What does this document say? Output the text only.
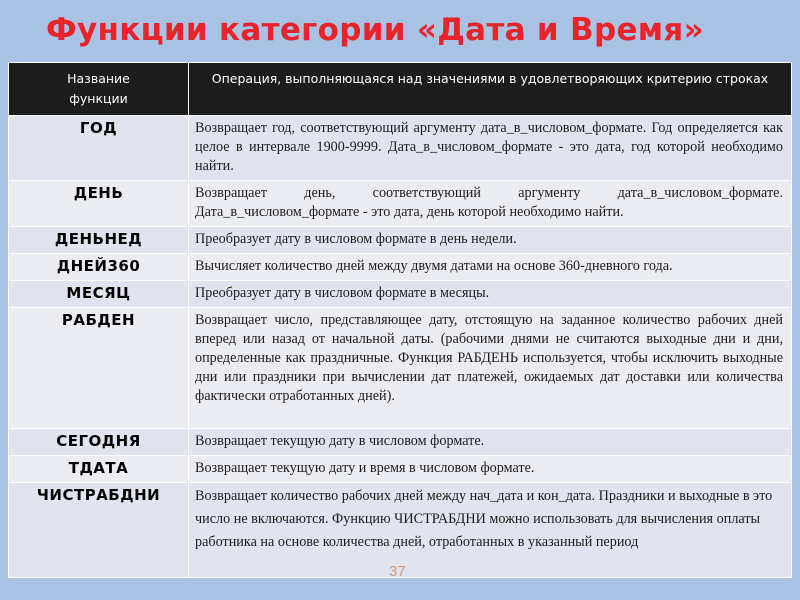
Функции категории «Дата и Время»
Название
функции	Операция, выполняющаяся над значениями в удовлетворяющих критерию строках
ГОД	Возвращает год, соответствующий аргументу дата_в_числовом_формате. Год определяется как целое в интервале 1900-9999. Дата_в_числовом_формате - это дата, год которой необходимо найти.
ДЕНЬ	Возвращает день, соответствующий аргументу дата_в_числовом_формате. Дата_в_числовом_формате - это дата, день которой необходимо найти.
ДЕНЬНЕД	Преобразует дату в числовом формате в день недели.
ДНЕЙ360	Вычисляет количество дней между двумя датами на основе 360-дневного года.
МЕСЯЦ	Преобразует дату в числовом формате в месяцы.
РАБДЕН	Возвращает число, представляющее дату, отстоящую на заданное количество рабочих дней вперед или назад от начальной даты. (рабочими днями не считаются выходные дни и дни, определенные как праздничные. Функция РАБДЕНЬ используется, чтобы исключить выходные дни или праздники при вычислении дат платежей, ожидаемых дат доставки или количества фактически отработанных дней).
СЕГОДНЯ	Возвращает текущую дату в числовом формате.
ТДАТА	Возвращает текущую дату и время в числовом формате.
ЧИСТРАБДНИ	Возвращает количество рабочих дней между нач_дата и кон_дата. Праздники и выходные в это число не включаются. Функцию ЧИСТРАБДНИ можно использовать для вычисления оплаты работника на основе количества дней, отработанных в указанный период
37
